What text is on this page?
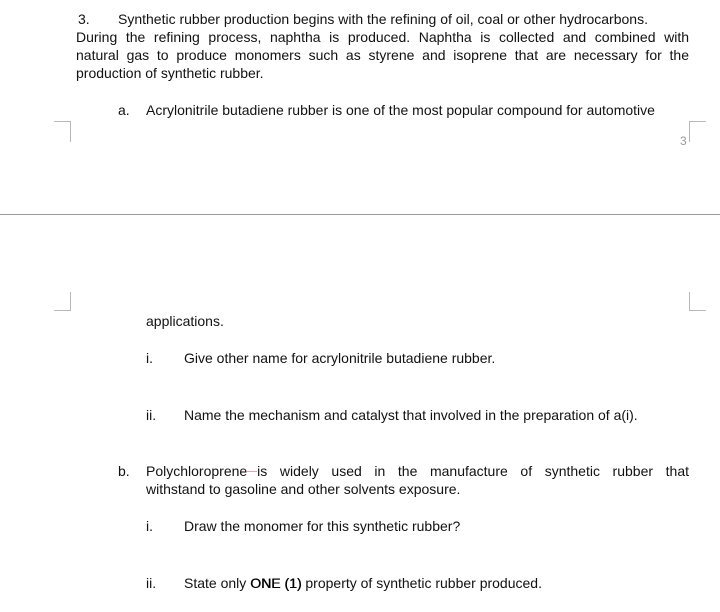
3. Synthetic rubber production begins with the refining of oil, coal or other hydrocarbons.
During the refining process, naphtha is produced. Naphtha is collected and combined with
natural gas to produce monomers such as styrene and isoprene that are necessary for the
production of synthetic rubber.
a. Acrylonitrile butadiene rubber is one of the most popular compound for automotive
3
applications.
i. Give other name for acrylonitrile butadiene rubber.
ii. Name the mechanism and catalyst that involved in the preparation of a(i).
b. Polychloroprene is widely used in the manufacture of synthetic rubber that
withstand to gasoline and other solvents exposure.
i. Draw the monomer for this synthetic rubber?
ii. State only ONE (1) property of synthetic rubber produced.
